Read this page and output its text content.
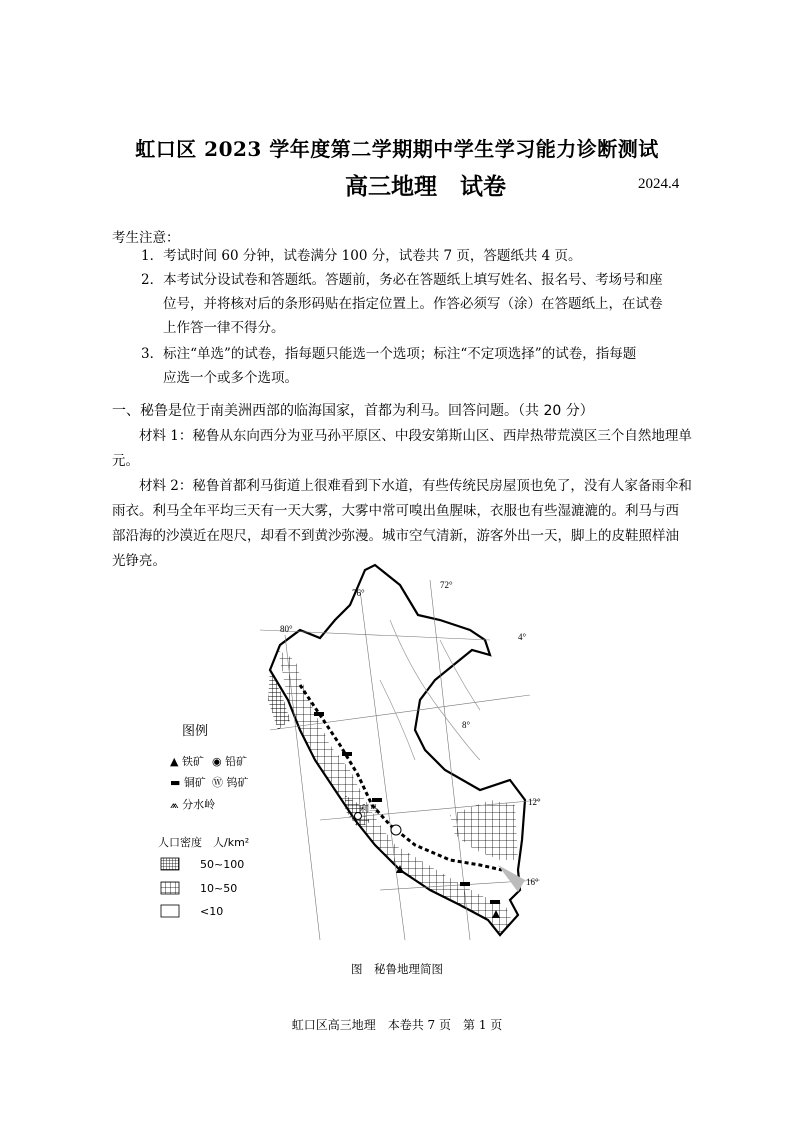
虹口区 2023 学年度第二学期期中学生学习能力诊断测试
高三地理　试卷	2024.4
考生注意：
1．考试时间 60 分钟，试卷满分 100 分，试卷共 7 页，答题纸共 4 页。
2．本考试分设试卷和答题纸。答题前，务必在答题纸上填写姓名、报名号、考场号和座
位号，并将核对后的条形码贴在指定位置上。作答必须写（涂）在答题纸上，在试卷
上作答一律不得分。
3．标注“单选”的试卷，指每题只能选一个选项；标注“不定项选择”的试卷，指每题
应选一个或多个选项。
一、秘鲁是位于南美洲西部的临海国家，首都为利马。回答问题。（共 20 分）
材料 1：秘鲁从东向西分为亚马孙平原区、中段安第斯山区、西岸热带荒漠区三个自然地理单元。
材料 2：秘鲁首都利马街道上很难看到下水道，有些传统民房屋顶也免了，没有人家备雨伞和雨衣。利马全年平均三天有一天大雾，大雾中常可嗅出鱼腥味，衣服也有些湿漉漉的。利马与西部沿海的沙漠近在咫尺，却看不到黄沙弥漫。城市空气清新，游客外出一天，脚上的皮鞋照样油光铮亮。
利马
80°
76°
72°
4°
8°
12°
16°
图例
▲ 铁矿 ◉ 铅矿
▬ 铜矿 Ⓦ 钨矿
⩕ 分水岭
人口密度　人/km²
50~100
10~50
<10
图　秘鲁地理简图
虹口区高三地理　本卷共 7 页　第 1 页
